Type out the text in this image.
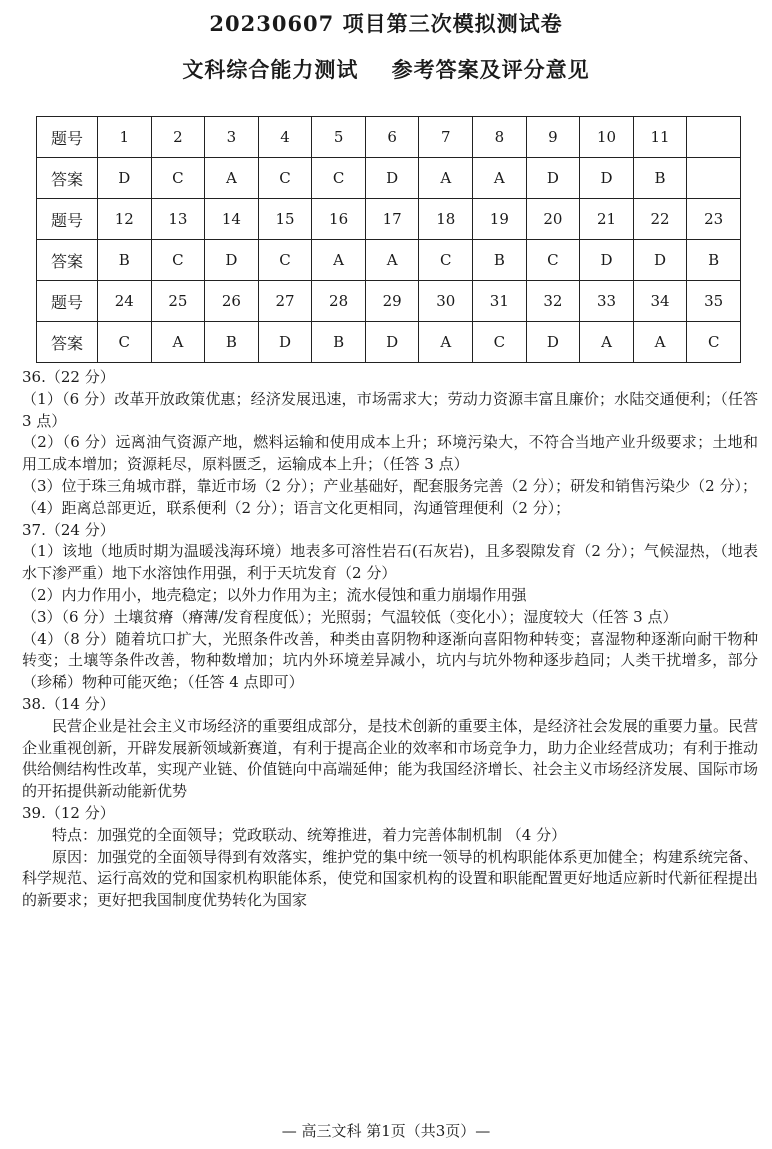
20230607 项目第三次模拟测试卷
文科综合能力测试    参考答案及评分意见
题号	1	2	3	4	5	6	7	8	9	10	11	
答案	D	C	A	C	C	D	A	A	D	D	B	
题号	12	13	14	15	16	17	18	19	20	21	22	23
答案	B	C	D	C	A	A	C	B	C	D	D	B
题号	24	25	26	27	28	29	30	31	32	33	34	35
答案	C	A	B	D	B	D	A	C	D	A	A	C

36.（22 分）

（1）（6 分）改革开放政策优惠；经济发展迅速，市场需求大；劳动力资源丰富且廉价；水陆交通便利；（任答 3 点）

（2）（6 分）远离油气资源产地，燃料运输和使用成本上升；环境污染大，不符合当地产业升级要求；土地和用工成本增加；资源耗尽，原料匮乏，运输成本上升；（任答 3 点）

（3）位于珠三角城市群，靠近市场（2 分）；产业基础好，配套服务完善（2 分）；研发和销售污染少（2 分）；

（4）距离总部更近，联系便利（2 分）；语言文化更相同，沟通管理便利（2 分）；

37.（24 分）

（1）该地（地质时期为温暖浅海环境）地表多可溶性岩石(石灰岩)，且多裂隙发育（2 分）；气候湿热，（地表水下渗严重）地下水溶蚀作用强，利于天坑发育（2 分）

（2）内力作用小，地壳稳定；以外力作用为主；流水侵蚀和重力崩塌作用强

（3）（6 分）土壤贫瘠（瘠薄/发育程度低）；光照弱；气温较低（变化小）；湿度较大（任答 3 点）

（4）（8 分）随着坑口扩大，光照条件改善，种类由喜阴物种逐渐向喜阳物种转变；喜湿物种逐渐向耐干物种转变；土壤等条件改善，物种数增加；坑内外环境差异减小，坑内与坑外物种逐步趋同；人类干扰增多，部分（珍稀）物种可能灭绝；（任答 4 点即可）

38.（14 分）

民营企业是社会主义市场经济的重要组成部分，是技术创新的重要主体，是经济社会发展的重要力量。民营企业重视创新，开辟发展新领域新赛道，有利于提高企业的效率和市场竞争力，助力企业经营成功；有利于推动供给侧结构性改革，实现产业链、价值链向中高端延伸；能为我国经济增长、社会主义市场经济发展、国际市场的开拓提供新动能新优势

39.（12 分）

特点：加强党的全面领导；党政联动、统筹推进，着力完善体制机制 （4 分）

原因：加强党的全面领导得到有效落实，维护党的集中统一领导的机构职能体系更加健全；构建系统完备、科学规范、运行高效的党和国家机构职能体系，使党和国家机构的设置和职能配置更好地适应新时代新征程提出的新要求；更好把我国制度优势转化为国家

— 高三文科 第1页（共3页）—
